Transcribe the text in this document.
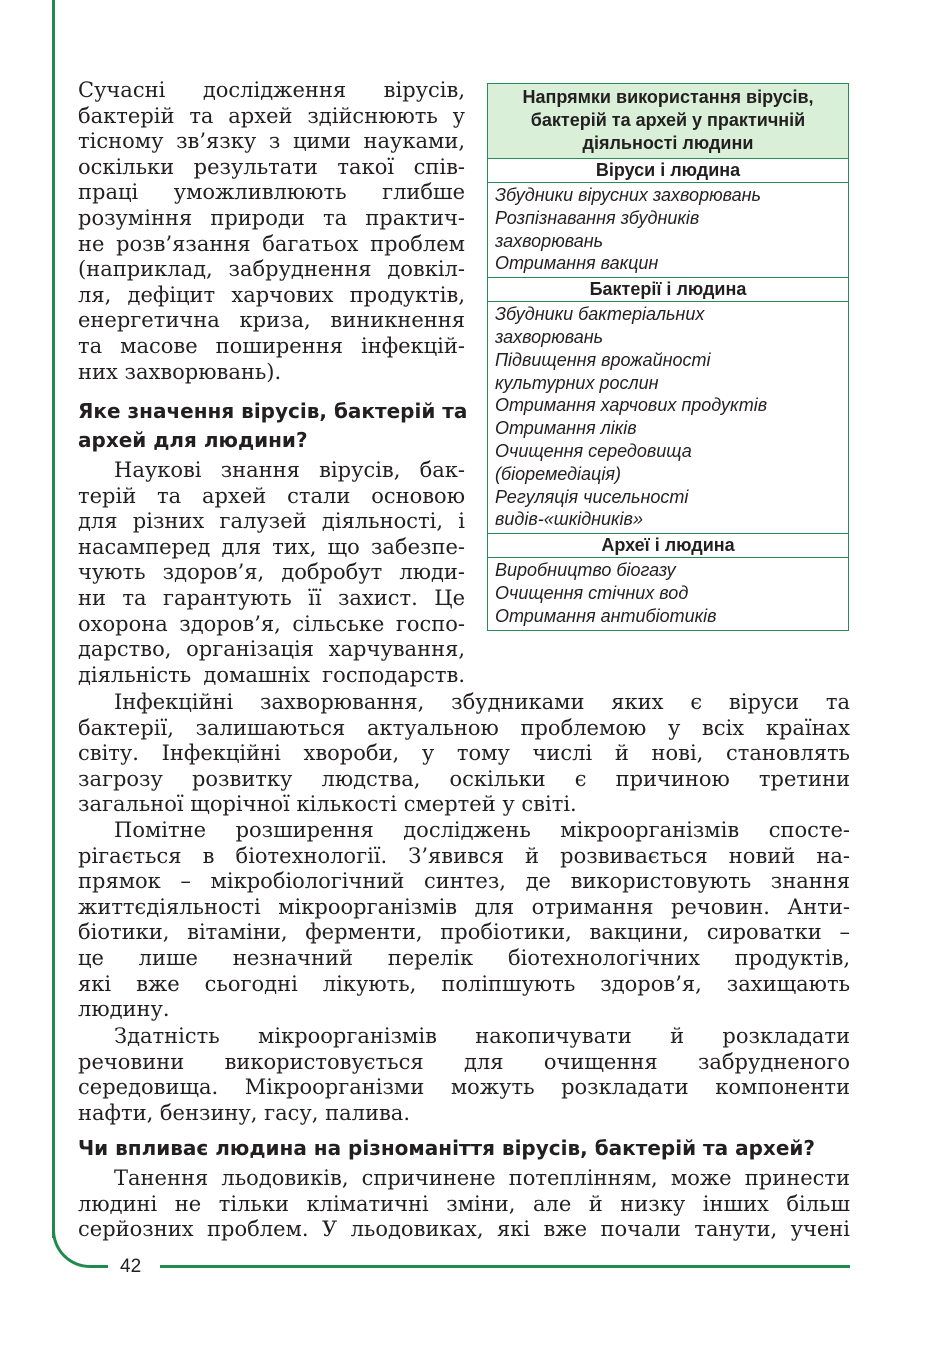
42
Сучасні дослідження вірусів,
бактерій та архей здійснюють у
тісному зв’язку з цими науками,
оскільки результати такої спів-
праці уможливлюють глибше
розуміння природи та практич-
не розв’язання багатьох проблем
(наприклад, забруднення довкіл-
ля, дефіцит харчових продуктів,
енергетична криза, виникнення
та масове поширення інфекцій-
них захворювань).
Яке значення вірусів, бактерій та
архей для людини?
Наукові знання вірусів, бак-
терій та архей стали основою
для різних галузей діяльності, і
насамперед для тих, що забезпе-
чують здоров’я, добробут люди-
ни та гарантують її захист. Це
охорона здоров’я, сільське госпо-
дарство, організація харчування,
діяльність домашніх господарств.
Інфекційні захворювання, збудниками яких є віруси та
бактерії, залишаються актуальною проблемою у всіх країнах
світу. Інфекційні хвороби, у тому числі й нові, становлять
загрозу розвитку людства, оскільки є причиною третини
загальної щорічної кількості смертей у світі.
Помітне розширення досліджень мікроорганізмів спосте-
рігається в біотехнології. З’явився й розвивається новий на-
прямок – мікробіологічний синтез, де використовують знання
життєдіяльності мікроорганізмів для отримання речовин. Анти-
біотики, вітаміни, ферменти, пробіотики, вакцини, сироватки –
це лише незначний перелік біотехнологічних продуктів,
які вже сьогодні лікують, поліпшують здоров’я, захищають
людину.
Здатність мікроорганізмів накопичувати й розкладати
речовини використовується для очищення забрудненого
середовища. Мікроорганізми можуть розкладати компоненти
нафти, бензину, гасу, палива.
Чи впливає людина на різноманіття вірусів, бактерій та архей?
Танення льодовиків, спричинене потеплінням, може принести
людині не тільки кліматичні зміни, але й низку інших більш
серйозних проблем. У льодовиках, які вже почали танути, учені
Напрямки використання вірусів,
бактерій та архей у практичній
діяльності людини
Віруси і людина
Збудники вірусних захворювань
Розпізнавання збудників
захворювань
Отримання вакцин
Бактерії і людина
Збудники бактеріальних
захворювань
Підвищення врожайності
культурних рослин
Отримання харчових продуктів
Отримання ліків
Очищення середовища
(біоремедіація)
Регуляція чисельності
видів-«шкідників»
Археї і людина
Виробництво біогазу
Очищення стічних вод
Отримання антибіотиків
